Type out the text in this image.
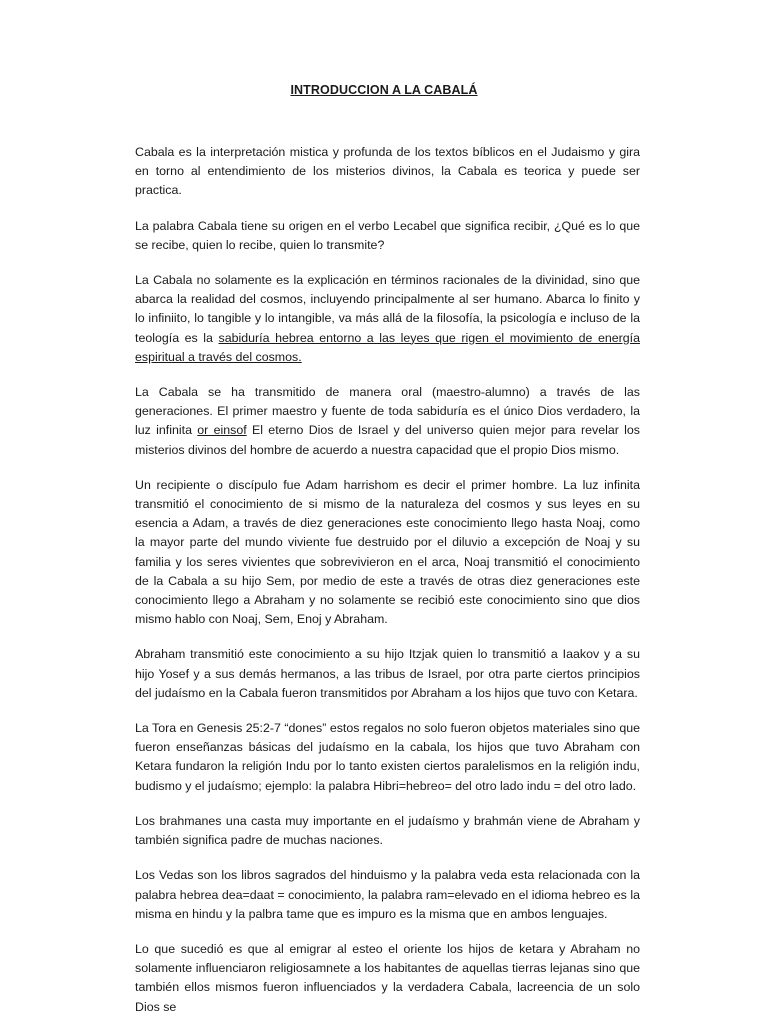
INTRODUCCION A LA CABALÁ

Cabala es la interpretación mistica y profunda de los textos bíblicos en el Judaismo y gira en torno al entendimiento de los misterios divinos, la Cabala es teorica y puede ser practica.

La palabra Cabala tiene su origen en el verbo Lecabel que significa recibir, ¿Qué es lo que se recibe, quien lo recibe, quien lo transmite?

La Cabala no solamente es la explicación en términos racionales de la divinidad, sino que abarca la realidad del cosmos, incluyendo principalmente al ser humano. Abarca lo finito y lo infiniito, lo tangible y lo intangible, va más allá de la filosofía, la psicología e incluso de la teología es la sabiduría hebrea entorno a las leyes que rigen el movimiento de energía espiritual a través del cosmos.

La Cabala se ha transmitido de manera oral (maestro-alumno) a través de las generaciones. El primer maestro y fuente de toda sabiduría es el único Dios verdadero, la luz infinita or einsof El eterno Dios de Israel y del universo quien mejor para revelar los misterios divinos del hombre de acuerdo a nuestra capacidad que el propio Dios mismo.

Un recipiente o discípulo fue Adam harrishom es decir el primer hombre. La luz infinita transmitió el conocimiento de si mismo de la naturaleza del cosmos y sus leyes en su esencia a Adam, a través de diez generaciones este conocimiento llego hasta Noaj, como la mayor parte del mundo viviente fue destruido por el diluvio a excepción de Noaj y su familia y los seres vivientes que sobrevivieron en el arca, Noaj transmitió el conocimiento de la Cabala a su hijo Sem, por medio de este a través de otras diez generaciones este conocimiento llego a Abraham y no solamente se recibió este conocimiento sino que dios mismo hablo con Noaj, Sem, Enoj y Abraham.

Abraham transmitió este conocimiento a su hijo Itzjak quien lo transmitió a Iaakov y a su hijo Yosef y a sus demás hermanos, a las tribus de Israel, por otra parte ciertos principios del judaísmo en la Cabala fueron transmitidos por Abraham a los hijos que tuvo con Ketara.

La Tora en Genesis 25:2-7 “dones” estos regalos no solo fueron objetos materiales sino que fueron enseñanzas básicas del judaísmo en la cabala, los hijos que tuvo Abraham con Ketara fundaron la religión Indu por lo tanto existen ciertos paralelismos en la religión indu, budismo y el judaísmo; ejemplo: la palabra Hibri=hebreo= del otro lado indu = del otro lado.

Los brahmanes una casta muy importante en el judaísmo y brahmán viene de Abraham y también significa padre de muchas naciones.

Los Vedas son los libros sagrados del hinduismo y la palabra veda esta relacionada con la palabra hebrea dea=daat = conocimiento, la palabra ram=elevado en el idioma hebreo es la misma en hindu y la palbra tame que es impuro es la misma que en ambos lenguajes.

Lo que sucedió es que al emigrar al esteo el oriente los hijos de ketara y Abraham no solamente influenciaron religiosamnete a los habitantes de aquellas tierras lejanas sino que también ellos mismos fueron influenciados y la verdadera Cabala, lacreencia de un solo Dios se
